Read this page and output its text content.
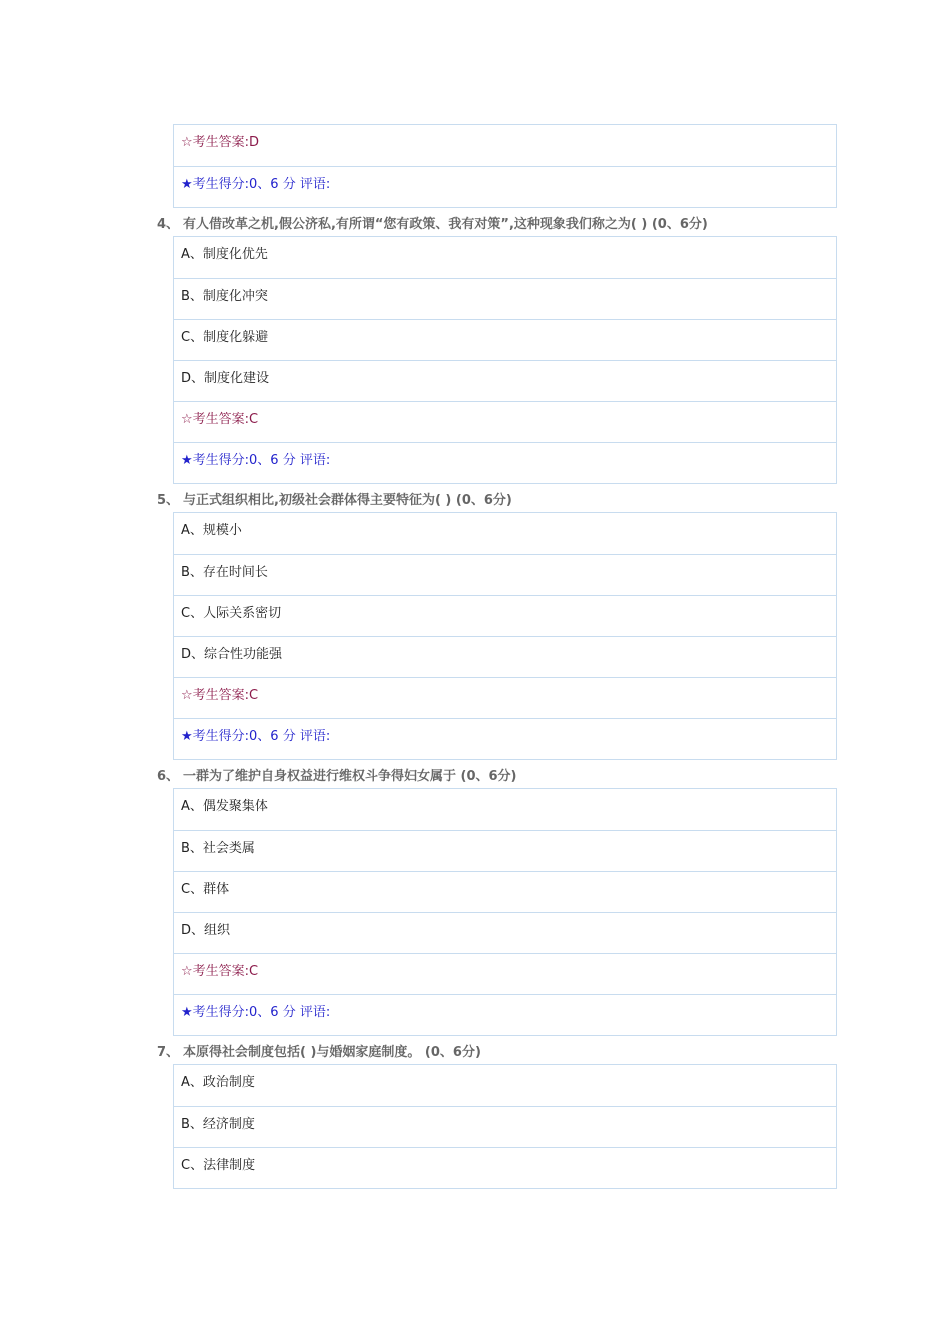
☆考生答案:D
★考生得分:0、6 分 评语:
4、 有人借改革之机,假公济私,有所谓“您有政策、我有对策”,这种现象我们称之为( ) (0、6分)
A、制度化优先
B、制度化冲突
C、制度化躲避
D、制度化建设
☆考生答案:C
★考生得分:0、6 分 评语:
5、 与正式组织相比,初级社会群体得主要特征为( ) (0、6分)
A、规模小
B、存在时间长
C、人际关系密切
D、综合性功能强
☆考生答案:C
★考生得分:0、6 分 评语:
6、 一群为了维护自身权益进行维权斗争得妇女属于 (0、6分)
A、偶发聚集体
B、社会类属
C、群体
D、组织
☆考生答案:C
★考生得分:0、6 分 评语:
7、 本原得社会制度包括( )与婚姻家庭制度。 (0、6分)
A、政治制度
B、经济制度
C、法律制度
